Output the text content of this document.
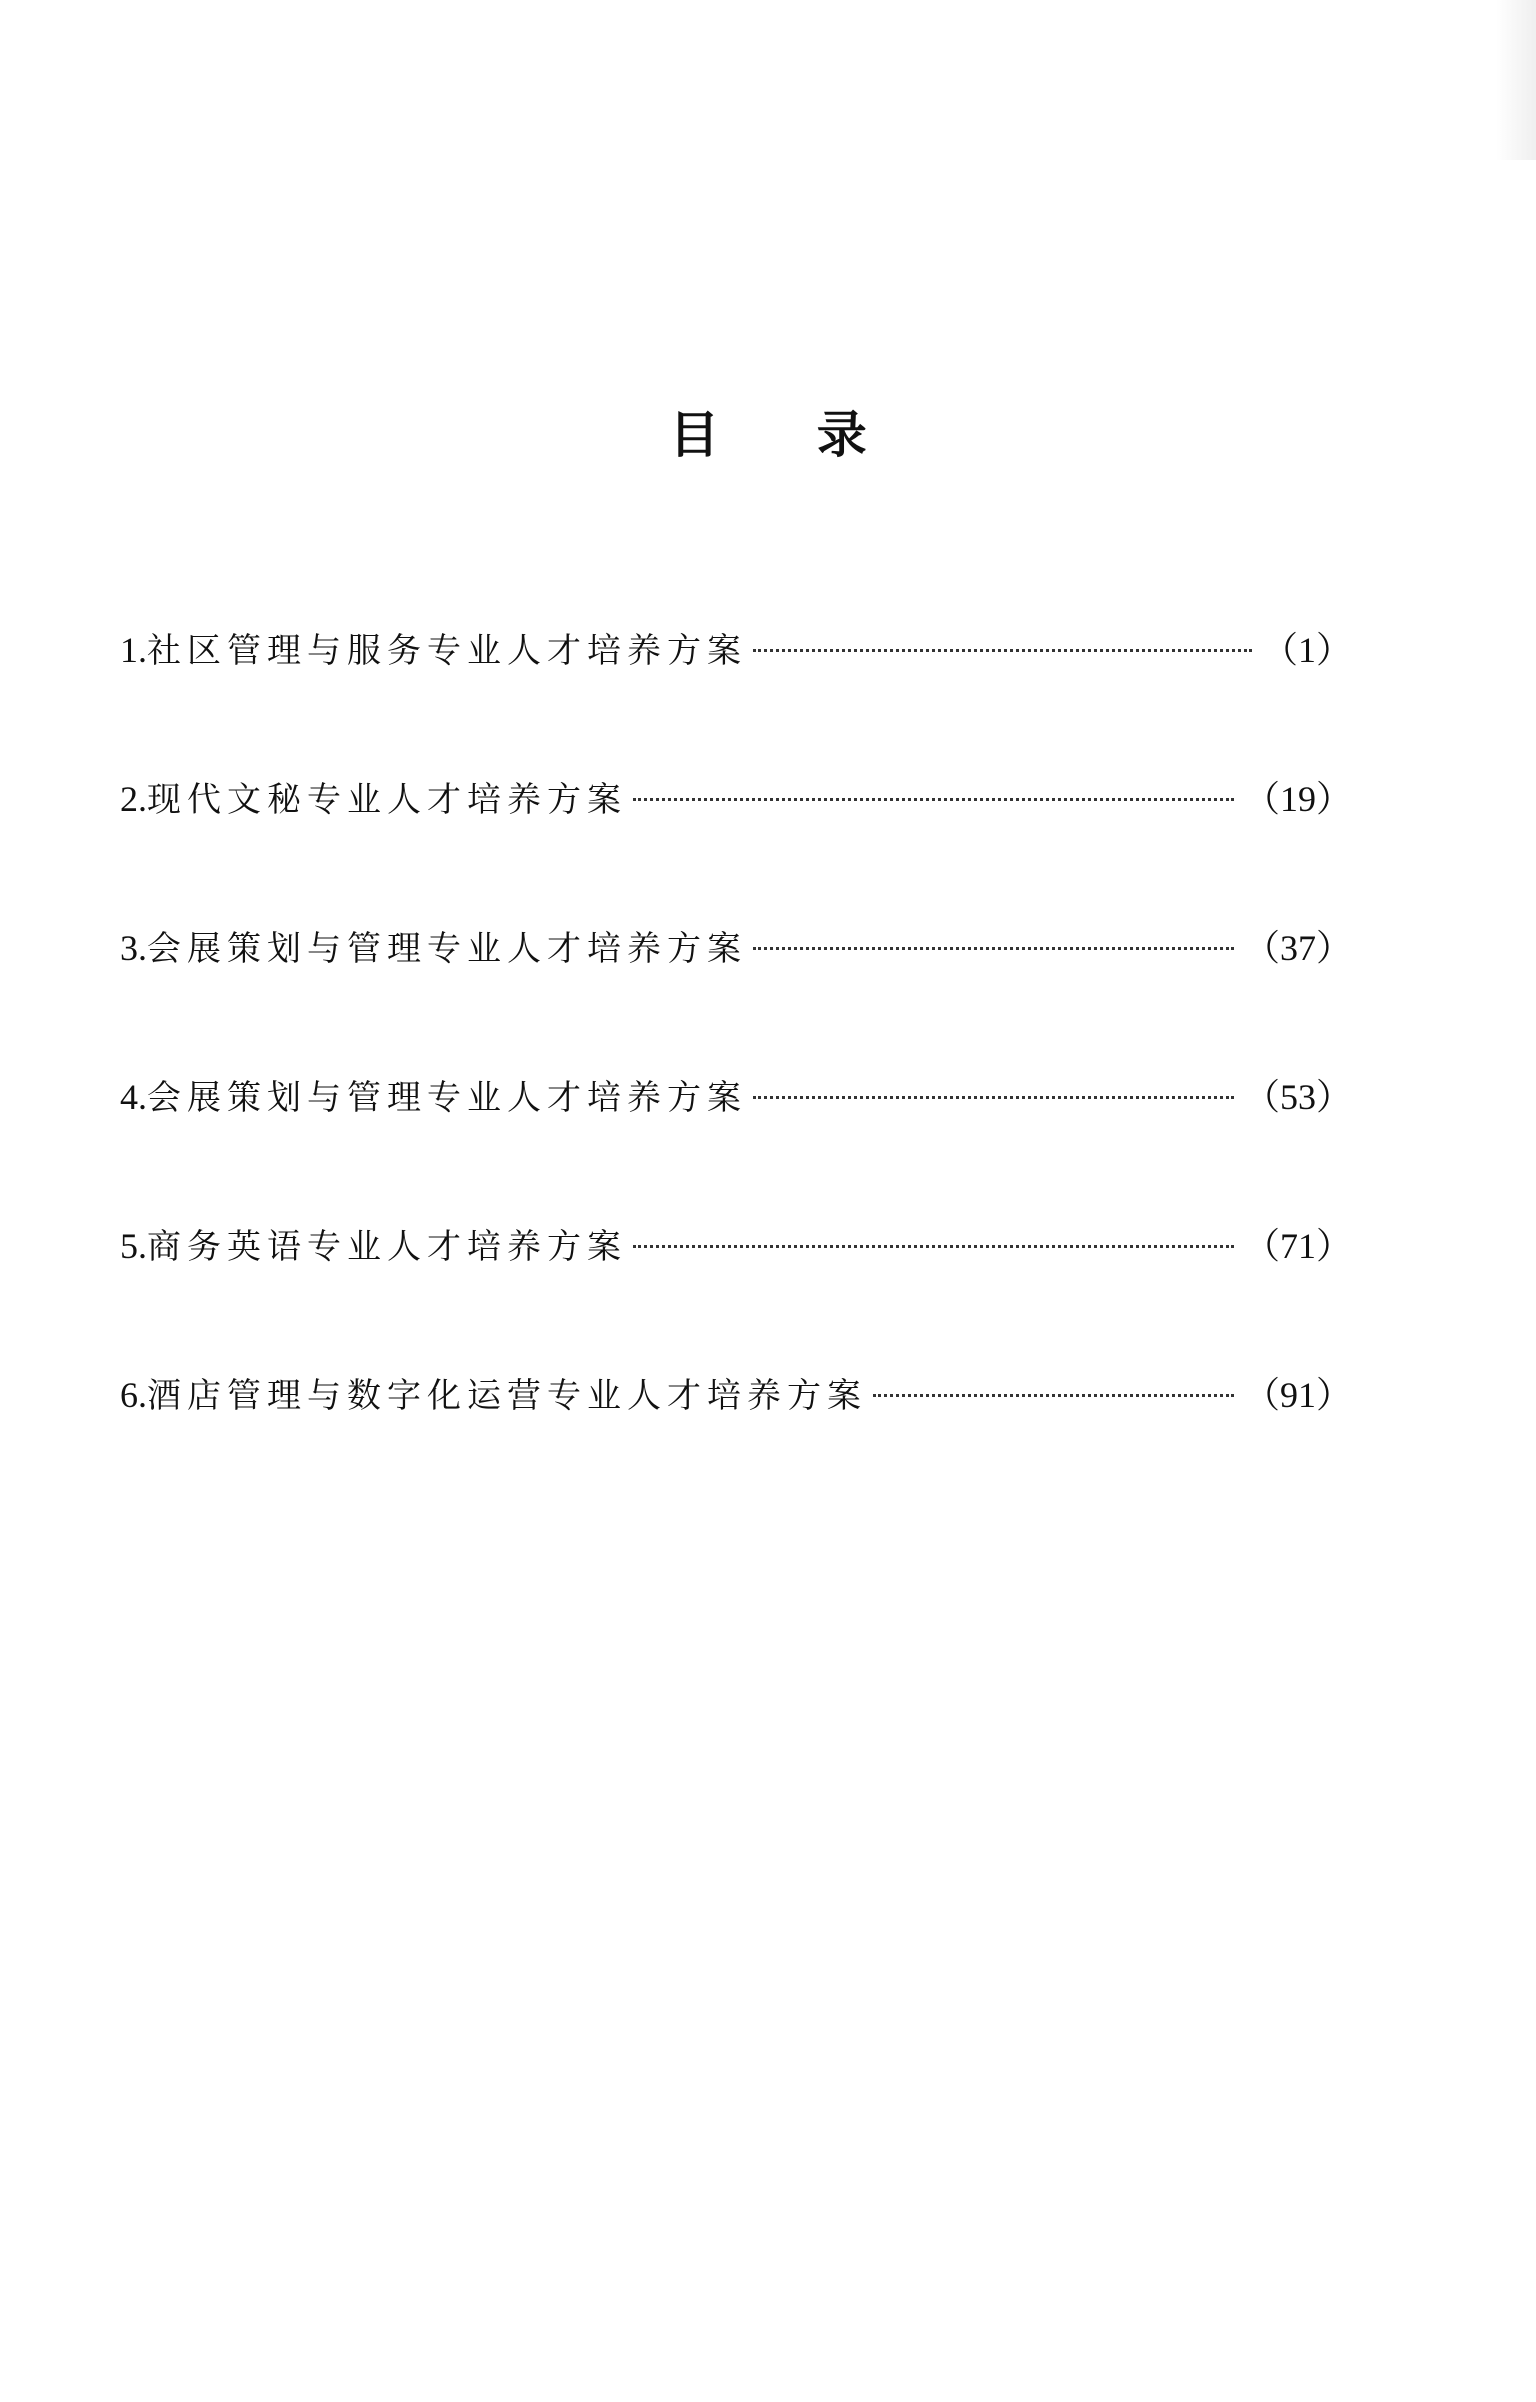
目 录
1. 社区管理与服务专业人才培养方案	（1）
2. 现代文秘专业人才培养方案	（19）
3. 会展策划与管理专业人才培养方案	（37）
4. 会展策划与管理专业人才培养方案	（53）
5. 商务英语专业人才培养方案	（71）
6. 酒店管理与数字化运营专业人才培养方案	（91）
